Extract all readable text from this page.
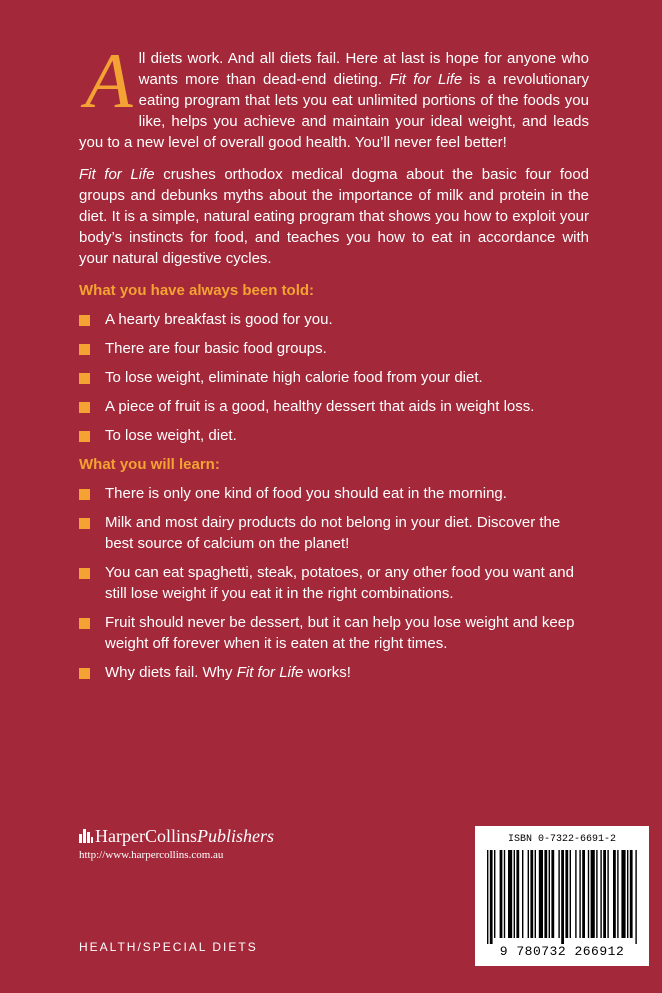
All diets work. And all diets fail. Here at last is hope for anyone who wants more than dead-end dieting. Fit for Life is a revolutionary eating program that lets you eat unlimited portions of the foods you like, helps you achieve and maintain your ideal weight, and leads you to a new level of overall good health. You’ll never feel better!

Fit for Life crushes orthodox medical dogma about the basic four food groups and debunks myths about the importance of milk and protein in the diet. It is a simple, natural eating program that shows you how to exploit your body’s instincts for food, and teaches you how to eat in accordance with your natural digestive cycles.

What you have always been told:
A hearty breakfast is good for you.
There are four basic food groups.
To lose weight, eliminate high calorie food from your diet.
A piece of fruit is a good, healthy dessert that aids in weight loss.
To lose weight, diet.
What you will learn:
There is only one kind of food you should eat in the morning.
Milk and most dairy products do not belong in your diet. Discover the best source of calcium on the planet!
You can eat spaghetti, steak, potatoes, or any other food you want and still lose weight if you eat it in the right combinations.
Fruit should never be dessert, but it can help you lose weight and keep weight off forever when it is eaten at the right times.
Why diets fail. Why Fit for Life works!
HarperCollinsPublishers
http://www.harpercollins.com.au
HEALTH/SPECIAL DIETS
ISBN 0-7322-6691-2
9 780732 266912
